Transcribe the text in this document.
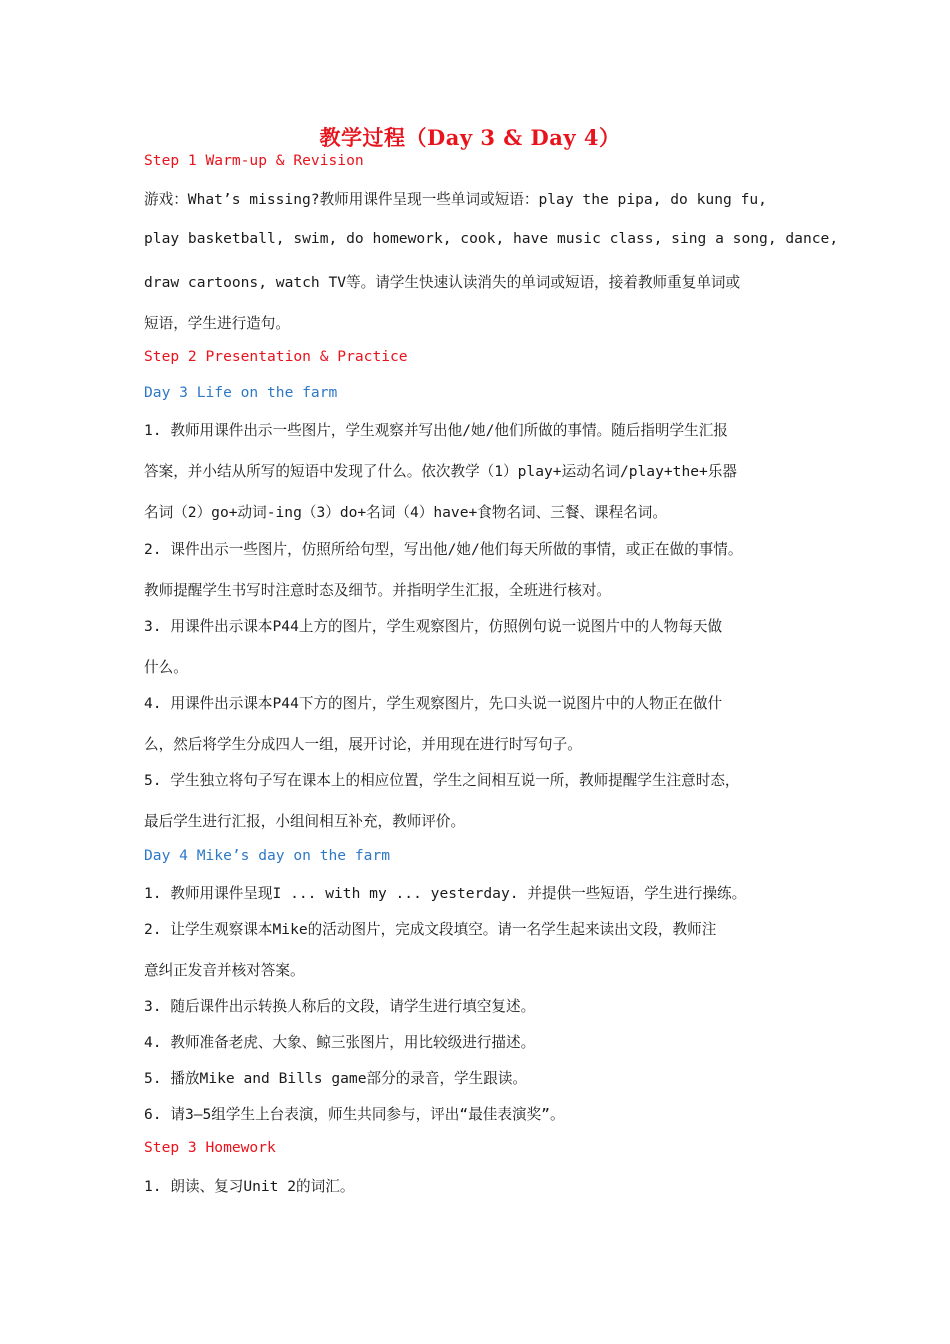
教学过程（Day 3 & Day 4）
Step 1 Warm-up & Revision
游戏：What’s missing?教师用课件呈现一些单词或短语：play the pipa, do kung fu,
play basketball, swim, do homework, cook, have music class, sing a song, dance,
draw cartoons, watch TV等。请学生快速认读消失的单词或短语，接着教师重复单词或
短语，学生进行造句。
Step 2 Presentation & Practice
Day 3 Life on the farm
1. 教师用课件出示一些图片，学生观察并写出他/她/他们所做的事情。随后指明学生汇报
答案，并小结从所写的短语中发现了什么。依次教学（1）play+运动名词/play+the+乐器
名词（2）go+动词-ing（3）do+名词（4）have+食物名词、三餐、课程名词。
2. 课件出示一些图片，仿照所给句型，写出他/她/他们每天所做的事情，或正在做的事情。
教师提醒学生书写时注意时态及细节。并指明学生汇报，全班进行核对。
3. 用课件出示课本P44上方的图片，学生观察图片，仿照例句说一说图片中的人物每天做
什么。
4. 用课件出示课本P44下方的图片，学生观察图片，先口头说一说图片中的人物正在做什
么，然后将学生分成四人一组，展开讨论，并用现在进行时写句子。
5. 学生独立将句子写在课本上的相应位置，学生之间相互说一所，教师提醒学生注意时态，
最后学生进行汇报，小组间相互补充，教师评价。
Day 4 Mike’s day on the farm
1. 教师用课件呈现I ... with my ... yesterday. 并提供一些短语，学生进行操练。
2. 让学生观察课本Mike的活动图片，完成文段填空。请一名学生起来读出文段，教师注
意纠正发音并核对答案。
3. 随后课件出示转换人称后的文段，请学生进行填空复述。
4. 教师准备老虎、大象、鲸三张图片，用比较级进行描述。
5. 播放Mike and Bills game部分的录音，学生跟读。
6. 请3—5组学生上台表演，师生共同参与，评出“最佳表演奖”。
Step 3 Homework
1. 朗读、复习Unit 2的词汇。
